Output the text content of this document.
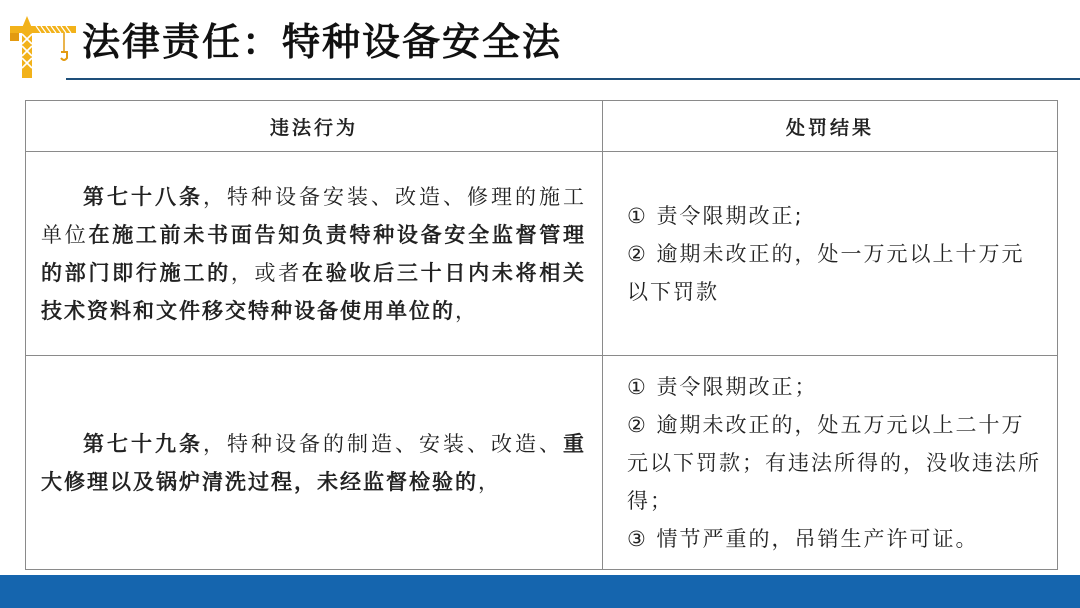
法律责任：特种设备安全法
违法行为	处罚结果
第七十八条，特种设备安装、改造、修理的施工单位在施工前未书面告知负责特种设备安全监督管理的部门即行施工的，或者在验收后三十日内未将相关技术资料和文件移交特种设备使用单位的，	① 责令限期改正;
② 逾期未改正的，处一万元以上十万元以下罚款

第七十九条，特种设备的制造、安装、改造、重大修理以及锅炉清洗过程，未经监督检验的，	① 责令限期改正；
② 逾期未改正的，处五万元以上二十万元以下罚款；有违法所得的，没收违法所得；
③ 情节严重的，吊销生产许可证。
